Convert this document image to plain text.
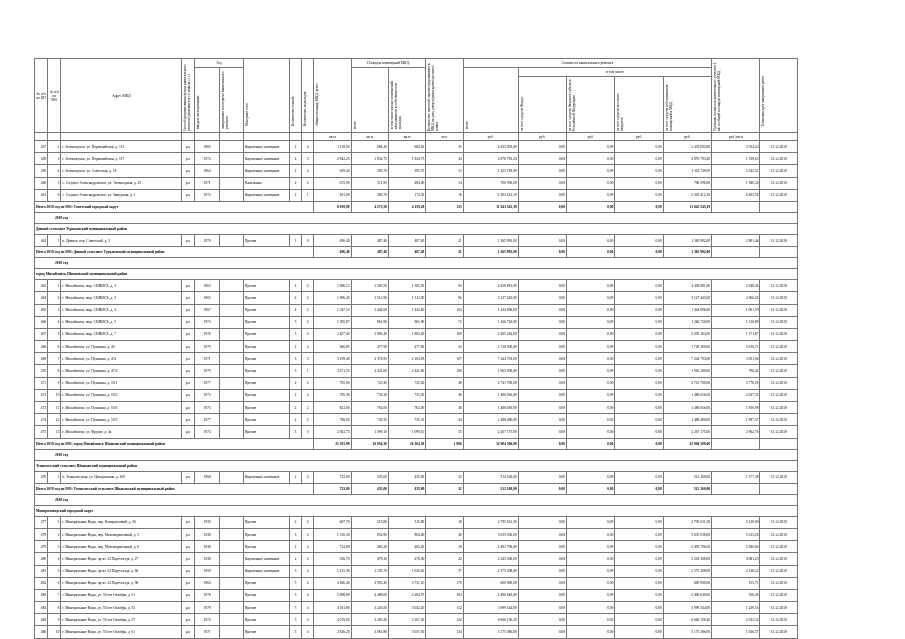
№ п/п по КП	№ п/п по МО	Адрес МКД	Способ формирования фонда капитального ремонта (указывается со знаком «+»)	Год		Материал стен	Количество этажей	Количество подъездов	общая площадь МКД, всего	Площадь помещений МКД:		Количество жителей, зарегистрированных в МКД на дату утверждения краткосрочного плана	Стоимость капитального ремонта					Удельная стоимость капитального ремонта 1 кв. м общей площади помещений МКД	Плановая дата завершения работ

				ввода в эксплуатацию	завершения последнего капитального ремонта					всего	в том числе жилых помещений, находящихся в собственности граждан		всего	в том числе					

														за счет средств Фонда	за счет средств бюджета субъекта Российской Федерации	за счет средств местного бюджета	за счет средств собственников помещений в МКД		

									кв.м	кв.м	кв.м	чел.	руб.	руб.	руб.	руб.	руб.	руб./кв.м	
457	2	г. Зеленокумск, ул. Первомайская, д. 115	р.о.	1965		Кирпичные, каменные	2	4	1 118,50	684,40	684,40	35	2 433 003,00	0,00	0,00	0,00	2 433 003,00	3 554,24	31.12.2018
458	3	г. Зеленокумск, ул. Первомайская, д. 117	р.о.	1972		Кирпичные, каменные	4	3	2 642,25	1 834,75	1 834,75	43	2 876 783,20	0,00	0,00	0,00	2 876 783,20	1 558,63	31.12.2018
459	4	г. Зеленокумск, ул. Советская, д. 18	р.о.	1964		Кирпичные, каменные	2	2	639,20	395,70	395,70	13	1 323 749,09	0,00	0,00	0,00	1 323 749,09	3 345,31	31.12.2018
460	5	с. Солдато-Александровское, ул. Элеваторная, д. 25	р.о.	1971		Панельные	2	2	672,90	511,90	484,00	14	706 596,00	0,00	0,00	0,00	706 596,00	1 380,34	31.12.2018
461	6	с. Солдато-Александровское, ул. Заводская, д. 1	р.о.	1972		Кирпичные, каменные	2	1	481,00	360,70	174,30	16	2 303 412,10	0,00	0,00	0,00	2 303 412,10	6 403,56	31.12.2018
Итого 2018 год по МО: Советский городской округ									6 039,80	4 273,50	4 159,20	133	11 643 545,39	0,00	0,00	0,00	11 643 545,39		
2018 год																			
Дивной сельсовет Туркменский муниципальный район																			
462	1	п. Дивное, пер. Советский, д. 3	р.о.	1970		Прочие	1	0	496,40	487,40	487,40	21	1 365 992,00	0,00	0,00	0,00	1 365 992,00	2 801,46	31.12.2018
Итого 2018 год по МО: Дивной сельсовет Туркменский муниципальный район									496,40	487,40	487,40	21	1 365 992,00	0,00	0,00	0,00	1 365 992,00		
2018 год																			
город Михайловск Шпаковский муниципальный район																			
463	1	г. Михайловск, мкр. СНИИСХ, д. 2	р.о.	1963		Прочие	4	2	1 986,13	1 505,50	1 505,50	94	4 438 881,00	0,00	0,00	0,00	4 438 881,00	2 948,46	31.12.2018
464	2	г. Михайловск, мкр. СНИИСХ, д. 3	р.о.	1965		Прочие	4	2	1 986,43	1 512,90	1 512,90	96	3 127 445,00	0,00	0,00	0,00	3 127 445,00	2 066,02	31.12.2018
465	3	г. Михайловск, мкр. СНИИСХ, д. 4	р.о.	1967		Прочие	4	2	1 547,10	1 442,60	1 442,60	104	1 444 896,00	0,00	0,00	0,00	1 444 896,00	1 001,59	31.12.2018
466	4	г. Михайловск, мкр. СНИИСХ, д. 5	р.о.	1974		Прочие	3	2	1 385,87	961,90	961,90	72	1 266 720,00	0,00	0,00	0,00	1 266 720,00	1 316,89	31.12.2018
467	5	г. Михайловск, мкр. СНИИСХ, д. 7	р.о.	1976		Прочие	3	4	2 407,40	1 883,40	1 883,40	100	2 205 264,00	0,00	0,00	0,00	2 205 264,00	1 171,87	31.12.2018
468	6	г. Михайловск, ул. Пушкина, д. 45	р.о.	1975		Прочие	2	2	666,85	477,90	477,90	34	1 728 300,00	0,00	0,00	0,00	1 728 300,00	3 616,71	31.12.2018
469	7	г. Михайловск, ул. Пушкина, д. 47а	р.о.	1971		Прочие	3	3	3 299,40	2 374,95	2 104,95	107	7 244 703,00	0,00	0,00	0,00	7 244 703,00	3 051,06	31.12.2018
470	8	г. Михайловск, ул. Пушкина, д. 47/2	р.о.	1975		Прочие	5	1	3 671,55	2 441,60	2 441,60	100	1 965 200,00	0,00	0,00	0,00	1 965 200,00	796,42	31.12.2018
471	9	г. Михайловск, ул. Пушкина, д. 55/1	р.о.	1977		Прочие	2	2	785,00	725,30	725,30	48	2 741 700,00	0,00	0,00	0,00	2 741 700,00	3 778,05	31.12.2018
472	10	г. Михайловск, ул. Пушкина, д. 55/3	р.о.	1973		Прочие	2	2	785,30	733,30	733,30	48	1 486 656,00	0,00	0,00	0,00	1 486 656,00	2 027,35	31.12.2018
473	11	г. Михайловск, ул. Пушкина, д. 55/4	р.о.	1973		Прочие	2	2	821,00	762,00	762,00	48	1 486 656,00	0,00	0,00	0,00	1 486 656,00	1 950,99	31.12.2018
474	12	г. Михайловск, ул. Пушкина, д. 55/5	р.о.	1977		Прочие	2	2	780,00	745,35	745,35	44	1 488 480,00	0,00	0,00	0,00	1 488 480,00	1 997,37	31.12.2018
475	13	г. Михайловск, ул. Фрунзе, д. 4а	р.о.	1974		Прочие	3	3	2 502,73	1 099,10	1 099,10	55	2 267 175,00	0,00	0,00	0,00	2 267 175,00	2 062,76	31.12.2018
Итого 2018 год по МО: город Михайловск Шпаковский муниципальный район									21 591,99	16 854,30	16 164,30	1 086	32 904 306,00	0,00	0,00	0,00	32 904 306,00		
2018 год																			
Темнолесский сельсовет Шпаковский муниципальный район																			
476	1	п. Темнолесская, ул. Центральная, д. 169	р.о.	1968		Кирпичные, каменные	2	2	723,00	435,00	435,00	32	512 160,00	0,00	0,00	0,00	512 160,00	1 177,38	31.12.2018
Итого 2018 год по МО: Темнолесский сельсовет Шпаковский муниципальный район									723,00	435,00	435,00	32	512 160,00	0,00	0,00	0,00	512 160,00		
2018 год																			
Минераловодский городской округ																			
477	1	г. Минеральные Воды, пер. Контрактовый, д. 26	р.о.	1935		Прочие	2	2	607,70	515,80	515,80	18	2 795 631,50	0,00	0,00	0,00	2 795 631,50	5 418,00	31.12.2018
478	2	г. Минеральные Воды, пер. Межзаправочный, д. 5	р.о.	1938		Прочие	3	2	1 316,30	852,90	804,00	48	5 635 036,00	0,00	0,00	0,00	5 635 036,00	5 613,26	31.12.2018
479	3	г. Минеральные Воды, пер. Межзаправочный, д. 6	р.о.	1938		Прочие	2	2	724,80	463,20	463,20	18	2 493 796,00	0,00	0,00	0,00	2 493 796,00	5 380,84	31.12.2018
480	4	г. Минеральные Воды, пр-кт. 22 Партсъезда, д. 27	р.о.	1938		Кирпичные, каменные	2	2	536,70	478,30	478,30	22	2 243 306,00	0,00	0,00	0,00	2 243 306,00	4 681,23	31.12.2018
481	5	г. Минеральные Воды, пр-кт. 22 Партсъезда, д. 66	р.о.	1959		Кирпичные, каменные	3	2	1 215,30	1 105,70	1 030,40	37	2 375 208,00	0,00	0,00	0,00	2 375 208,00	2 148,22	31.12.2018
482	6	г. Минеральные Воды, пр-кт. 22 Партсъезда, д. 96	р.о.	1964		Прочие	5	4	4 366,40	3 853,30	3 731,10	170	600 000,00	0,00	0,00	0,00	600 000,00	155,71	31.12.2018
483	7	г. Минеральные Воды, ул. 50 лет Октября, д. 51	р.о.	1976		Прочие	5	4	5 008,80	4 488,00	4 284,70	184	2 496 640,00	0,00	0,00	0,00	2 496 640,00	556,29	31.12.2018
484	8	г. Минеральные Воды, ул. 50 лет Октября, д. 53	р.о.	1979		Прочие	5	4	4 011,80	3 226,50	3 042,20	112	3 999 344,00	0,00	0,00	0,00	3 999 344,00	1 239,53	31.12.2018
485	9	г. Минеральные Воды, ул. 50 лет Октября, д. 57	р.о.	1972		Прочие	5	4	4 070,00	3 283,20	3 167,30	122	6 666 156,20	0,00	0,00	0,00	6 666 156,20	2 032,32	31.12.2018
486	10	г. Минеральные Воды, ул. 50 лет Октября, д. 61	р.о.	1971		Прочие	5	4	3 826,20	3 061,80	3 037,30	134	3 175 386,00	0,00	0,00	0,00	3 175 386,00	1 036,57	31.12.2018
